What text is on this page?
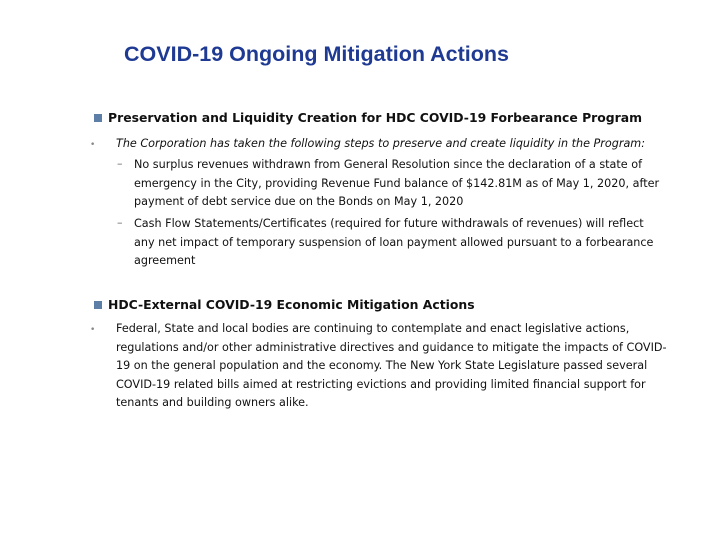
COVID-19 Ongoing Mitigation Actions
Preservation and Liquidity Creation for HDC COVID-19 Forbearance Program
• The Corporation has taken the following steps to preserve and create liquidity in the Program:
– No surplus revenues withdrawn from General Resolution since the declaration of a state of emergency in the City, providing Revenue Fund balance of $142.81M as of May 1, 2020, after payment of debt service due on the Bonds on May 1, 2020
– Cash Flow Statements/Certificates (required for future withdrawals of revenues) will reflect any net impact of temporary suspension of loan payment allowed pursuant to a forbearance agreement
HDC-External COVID-19 Economic Mitigation Actions
• Federal, State and local bodies are continuing to contemplate and enact legislative actions, regulations and/or other administrative directives and guidance to mitigate the impacts of COVID-19 on the general population and the economy. The New York State Legislature passed several COVID-19 related bills aimed at restricting evictions and providing limited financial support for tenants and building owners alike.
